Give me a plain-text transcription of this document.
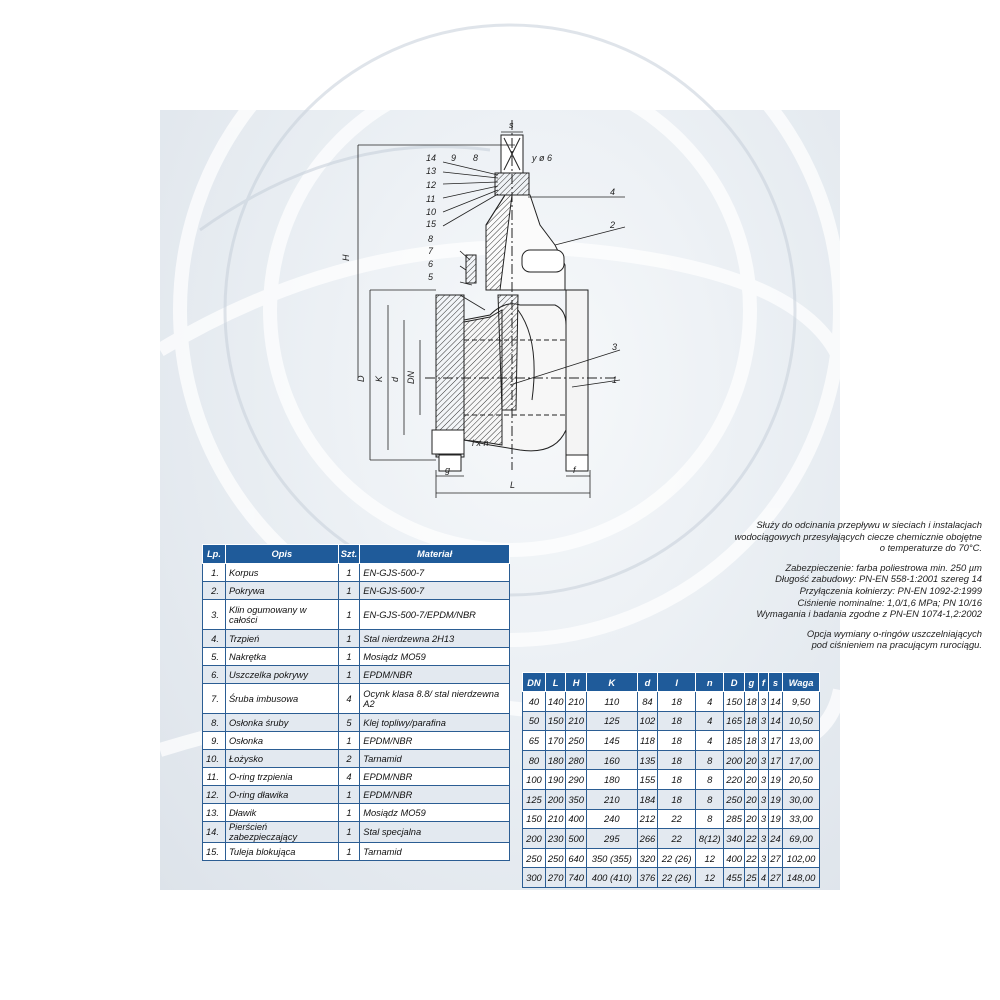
14 9 8
13
12
11
10
15
8
7
6
5
4
2
3
1
s
y ø 6
H
D K d DN
l x n
g
L
f

Służy do odcinania przepływu w sieciach i instalacjach

wodociągowych przesyłających ciecze chemicznie obojętne

o temperaturze do 70°C.

Zabezpieczenie: farba poliestrowa min. 250 µm

Długość zabudowy: PN-EN 558-1:2001 szereg 14

Przyłączenia kołnierzy: PN-EN 1092-2:1999

Ciśnienie nominalne: 1,0/1,6 MPa; PN 10/16

Wymagania i badania zgodne z PN-EN 1074-1,2:2002

Opcja wymiany o-ringów uszczelniających

pod ciśnieniem na pracującym rurociągu.

Lp.	Opis	Szt.	Materiał
1.	Korpus	1	EN-GJS-500-7
2.	Pokrywa	1	EN-GJS-500-7
3.	Klin ogumowany w całości	1	EN-GJS-500-7/EPDM/NBR
4.	Trzpień	1	Stal nierdzewna 2H13
5.	Nakrętka	1	Mosiądz MO59
6.	Uszczelka pokrywy	1	EPDM/NBR
7.	Śruba imbusowa	4	Ocynk klasa 8.8/ stal nierdzewna A2
8.	Osłonka śruby	5	Klej topliwy/parafina
9.	Osłonka	1	EPDM/NBR
10.	Łożysko	2	Tarnamid
11.	O-ring trzpienia	4	EPDM/NBR
12.	O-ring dławika	1	EPDM/NBR
13.	Dławik	1	Mosiądz MO59
14.	Pierścień zabezpieczający	1	Stal specjalna
15.	Tuleja blokująca	1	Tarnamid
DN	L	H	K	d	l	n	D	g	f	s	Waga
40	140	210	110	84	18	4	150	18	3	14	9,50
50	150	210	125	102	18	4	165	18	3	14	10,50
65	170	250	145	118	18	4	185	18	3	17	13,00
80	180	280	160	135	18	8	200	20	3	17	17,00
100	190	290	180	155	18	8	220	20	3	19	20,50
125	200	350	210	184	18	8	250	20	3	19	30,00
150	210	400	240	212	22	8	285	20	3	19	33,00
200	230	500	295	266	22	8(12)	340	22	3	24	69,00
250	250	640	350 (355)	320	22 (26)	12	400	22	3	27	102,00
300	270	740	400 (410)	376	22 (26)	12	455	25	4	27	148,00
